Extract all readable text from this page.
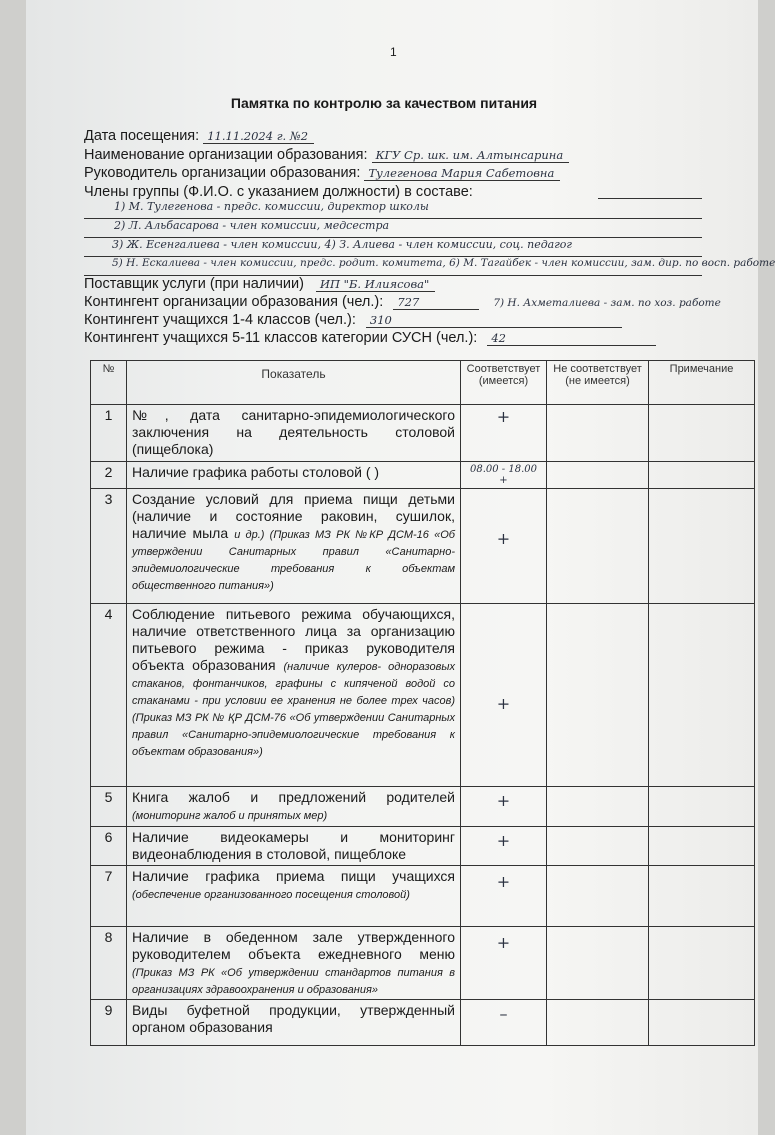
1
Памятка по контролю за качеством питания
Дата посещения: 11.11.2024 г. №2
Наименование организации образования: КГУ Ср. шк. им. Алтынсарина
Руководитель организации образования: Тулегенова Мария Сабетовна
Члены группы (Ф.И.О. с указанием должности) в составе:
1) М. Тулегенова - предс. комиссии, директор школы
2) Л. Альбасарова - член комиссии, медсестра
3) Ж. Есенгалиева - член комиссии, 4) З. Алиева - член комиссии, соц. педагог
5) Н. Ескалиева - член комиссии, предс. родит. комитета, 6) М. Тагайбек - член комиссии, зам. дир. по восп. работе
Поставщик услуги (при наличии) ИП "Б. Илиясова"
Контингент организации образования (чел.): 727	7) Н. Ахметалиева - зам. по хоз. работе
Контингент учащихся 1-4 классов (чел.): 310
Контингент учащихся 5-11 классов категории СУСН (чел.): 42
№	Показатель	Соответствует (имеется)	Не соответствует (не имеется)	Примечание
1	№, дата санитарно-эпидемиологического заключения на деятельность столовой (пищеблока)	+		
2	Наличие графика работы столовой ( )	08.00 - 18.00 +		
3	Создание условий для приема пищи детьми (наличие и состояние раковин, сушилок, наличие мыла и др.) (Приказ МЗ РК №КР ДСМ-16 «Об утверждении Санитарных правил «Санитарно-эпидемиологические требования к объектам общественного питания»)	+		
4	Соблюдение питьевого режима обучающихся, наличие ответственного лица за организацию питьевого режима - приказ руководителя объекта образования (наличие кулеров- одноразовых стаканов, фонтанчиков, графины с кипяченой водой со стаканами - при условии ее хранения не более трех часов) (Приказ МЗ РК № ҚР ДСМ-76 «Об утверждении Санитарных правил «Санитарно-эпидемиологические требования к объектам образования»)	+		
5	Книга жалоб и предложений родителей (мониторинг жалоб и принятых мер)	+		
6	Наличие видеокамеры и мониторинг видеонаблюдения в столовой, пищеблоке	+		
7	Наличие графика приема пищи учащихся (обеспечение организованного посещения столовой)	+		
8	Наличие в обеденном зале утвержденного руководителем объекта ежедневного меню (Приказ МЗ РК «Об утверждении стандартов питания в организациях здравоохранения и образования»	+		
9	Виды буфетной продукции, утвержденный органом образования	–		
